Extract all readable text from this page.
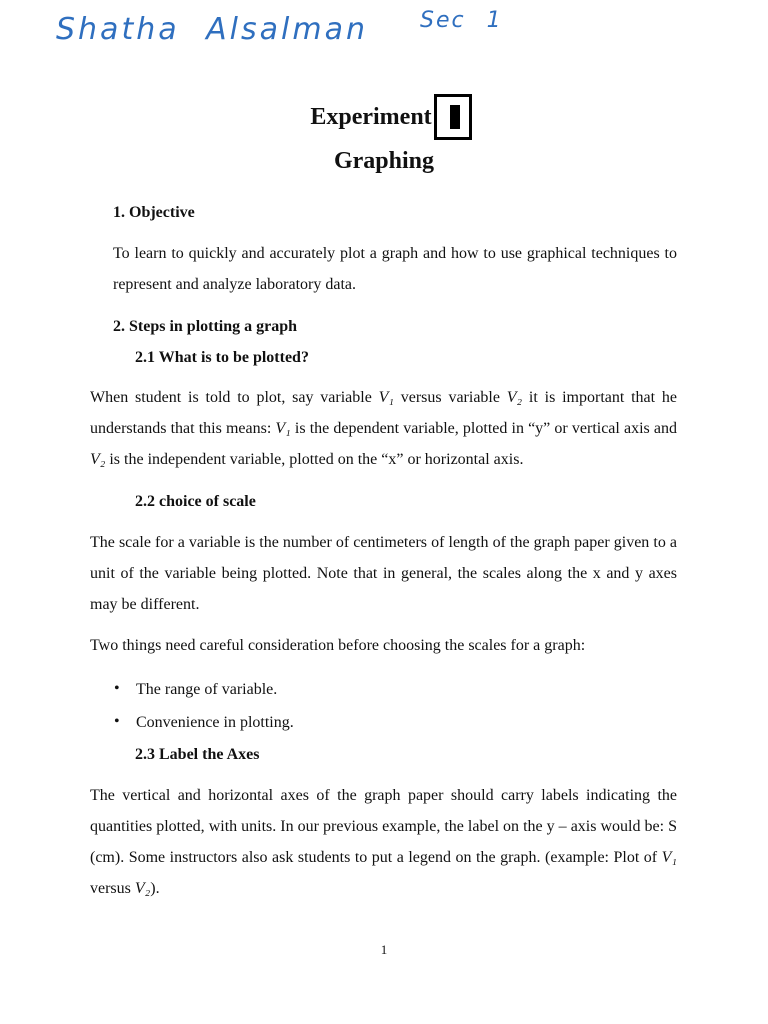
Shatha Alsalman Sec 1
Experiment
Graphing
1. Objective
To learn to quickly and accurately plot a graph and how to use graphical techniques to represent and analyze laboratory data.
2. Steps in plotting a graph
2.1 What is to be plotted?
When student is told to plot, say variable V₁ versus variable V₂ it is important that he understands that this means: V₁ is the dependent variable, plotted in “y” or vertical axis and V₂ is the independent variable, plotted on the “x” or horizontal axis.
2.2 choice of scale
The scale for a variable is the number of centimeters of length of the graph paper given to a unit of the variable being plotted. Note that in general, the scales along the x and y axes may be different.
Two things need careful consideration before choosing the scales for a graph:
• The range of variable.
• Convenience in plotting.
2.3 Label the Axes
The vertical and horizontal axes of the graph paper should carry labels indicating the quantities plotted, with units. In our previous example, the label on the y – axis would be: S (cm). Some instructors also ask students to put a legend on the graph. (example: Plot of V₁ versus V₂).
1
